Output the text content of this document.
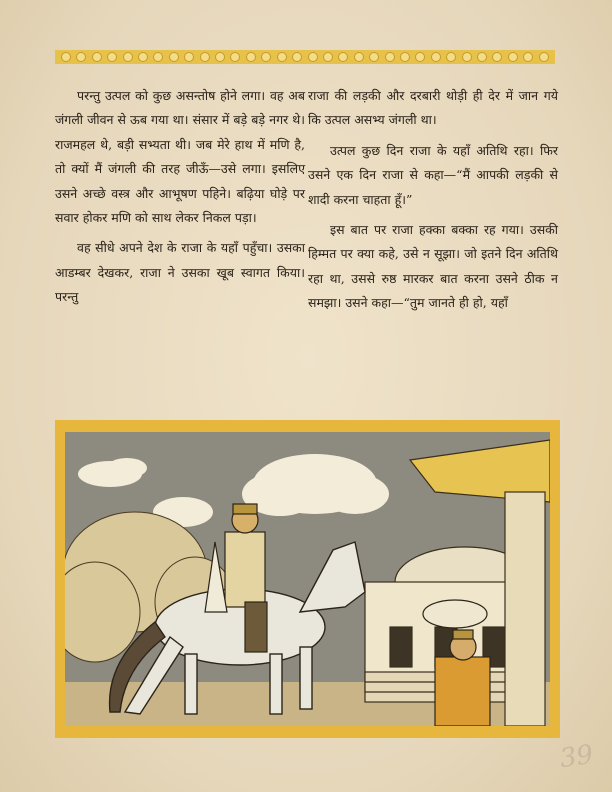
परन्तु उत्पल को कुछ असन्तोष होने लगा। वह अब जंगली जीवन से ऊब गया था। संसार में बड़े बड़े नगर थे। राजमहल थे, बड़ी सभ्यता थी। जब मेरे हाथ में मणि है, तो क्यों मैं जंगली की तरह जीऊँ—उसे लगा। इसलिए उसने अच्छे वस्त्र और आभूषण पहिने। बढ़िया घोड़े पर सवार होकर मणि को साथ लेकर निकल पड़ा।

वह सीधे अपने देश के राजा के यहाँ पहुँचा। उसका आडम्बर देखकर, राजा ने उसका खूब स्वागत किया। परन्तु

राजा की लड़की और दरबारी थोड़ी ही देर में जान गये कि उत्पल असभ्य जंगली था।

उत्पल कुछ दिन राजा के यहाँ अतिथि रहा। फिर उसने एक दिन राजा से कहा—“मैं आपकी लड़की से शादी करना चाहता हूँ।”

इस बात पर राजा हक्का बक्का रह गया। उसकी हिम्मत पर क्या कहे, उसे न सूझा। जो इतने दिन अतिथि रहा था, उससे रुष्ठ मारकर बात करना उसने ठीक न समझा। उसने कहा—“तुम जानते ही हो, यहाँ

39
